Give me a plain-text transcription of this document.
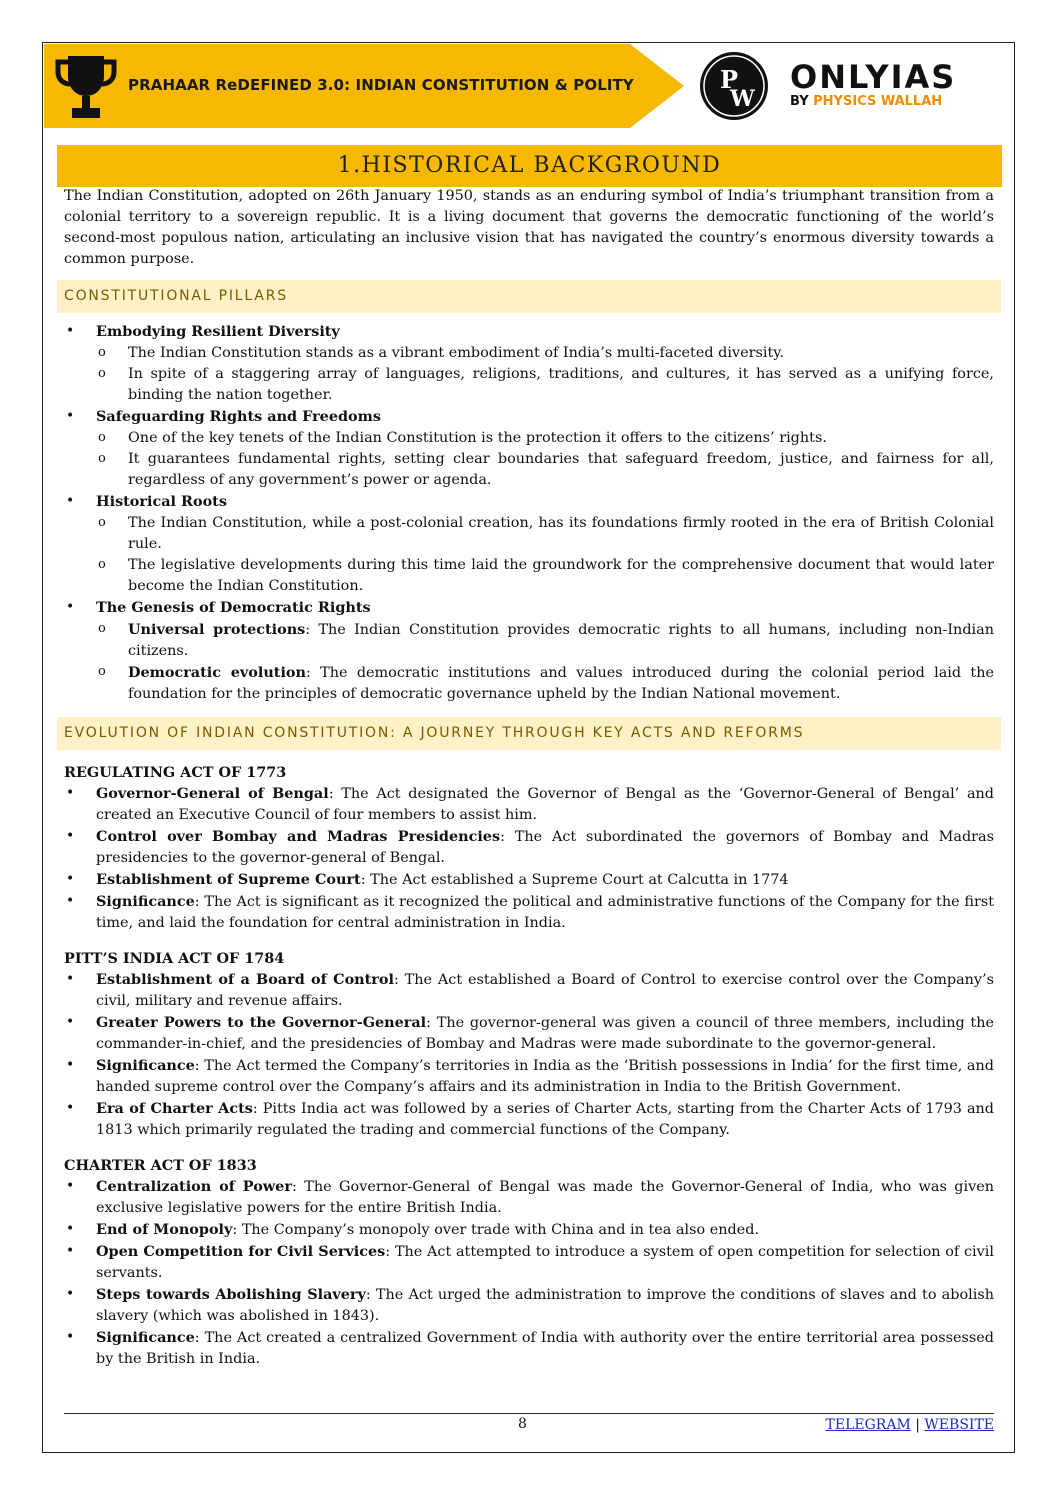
PRAHAAR ReDEFINED 3.0: INDIAN CONSTITUTION & POLITY	P
W
ONLYIAS
BY PHYSICS WALLAH
1.HISTORICAL BACKGROUND

The Indian Constitution, adopted on 26th January 1950, stands as an enduring symbol of India’s triumphant transition from a colonial territory to a sovereign republic. It is a living document that governs the democratic functioning of the world’s second-most populous nation, articulating an inclusive vision that has navigated the country’s enormous diversity towards a common purpose.

CONSTITUTIONAL PILLARS
• Embodying Resilient Diversity
o The Indian Constitution stands as a vibrant embodiment of India’s multi-faceted diversity.
o In spite of a staggering array of languages, religions, traditions, and cultures, it has served as a unifying force, binding the nation together.
• Safeguarding Rights and Freedoms
o One of the key tenets of the Indian Constitution is the protection it offers to the citizens’ rights.
o It guarantees fundamental rights, setting clear boundaries that safeguard freedom, justice, and fairness for all, regardless of any government’s power or agenda.
• Historical Roots
o The Indian Constitution, while a post-colonial creation, has its foundations firmly rooted in the era of British Colonial rule.
o The legislative developments during this time laid the groundwork for the comprehensive document that would later become the Indian Constitution.
• The Genesis of Democratic Rights
o Universal protections: The Indian Constitution provides democratic rights to all humans, including non-Indian citizens.
o Democratic evolution: The democratic institutions and values introduced during the colonial period laid the foundation for the principles of democratic governance upheld by the Indian National movement.
EVOLUTION OF INDIAN CONSTITUTION: A JOURNEY THROUGH KEY ACTS AND REFORMS
REGULATING ACT OF 1773
• Governor-General of Bengal: The Act designated the Governor of Bengal as the ‘Governor-General of Bengal’ and created an Executive Council of four members to assist him.
• Control over Bombay and Madras Presidencies: The Act subordinated the governors of Bombay and Madras presidencies to the governor-general of Bengal.
• Establishment of Supreme Court: The Act established a Supreme Court at Calcutta in 1774
• Significance: The Act is significant as it recognized the political and administrative functions of the Company for the first time, and laid the foundation for central administration in India.
PITT’S INDIA ACT OF 1784
• Establishment of a Board of Control: The Act established a Board of Control to exercise control over the Company’s civil, military and revenue affairs.
• Greater Powers to the Governor-General: The governor-general was given a council of three members, including the commander-in-chief, and the presidencies of Bombay and Madras were made subordinate to the governor-general.
• Significance: The Act termed the Company’s territories in India as the ‘British possessions in India’ for the first time, and handed supreme control over the Company’s affairs and its administration in India to the British Government.
• Era of Charter Acts: Pitts India act was followed by a series of Charter Acts, starting from the Charter Acts of 1793 and 1813 which primarily regulated the trading and commercial functions of the Company.
CHARTER ACT OF 1833
• Centralization of Power: The Governor-General of Bengal was made the Governor-General of India, who was given exclusive legislative powers for the entire British India.
• End of Monopoly: The Company’s monopoly over trade with China and in tea also ended.
• Open Competition for Civil Services: The Act attempted to introduce a system of open competition for selection of civil servants.
• Steps towards Abolishing Slavery: The Act urged the administration to improve the conditions of slaves and to abolish slavery (which was abolished in 1843).
• Significance: The Act created a centralized Government of India with authority over the entire territorial area possessed by the British in India.
8	TELEGRAM | WEBSITE
